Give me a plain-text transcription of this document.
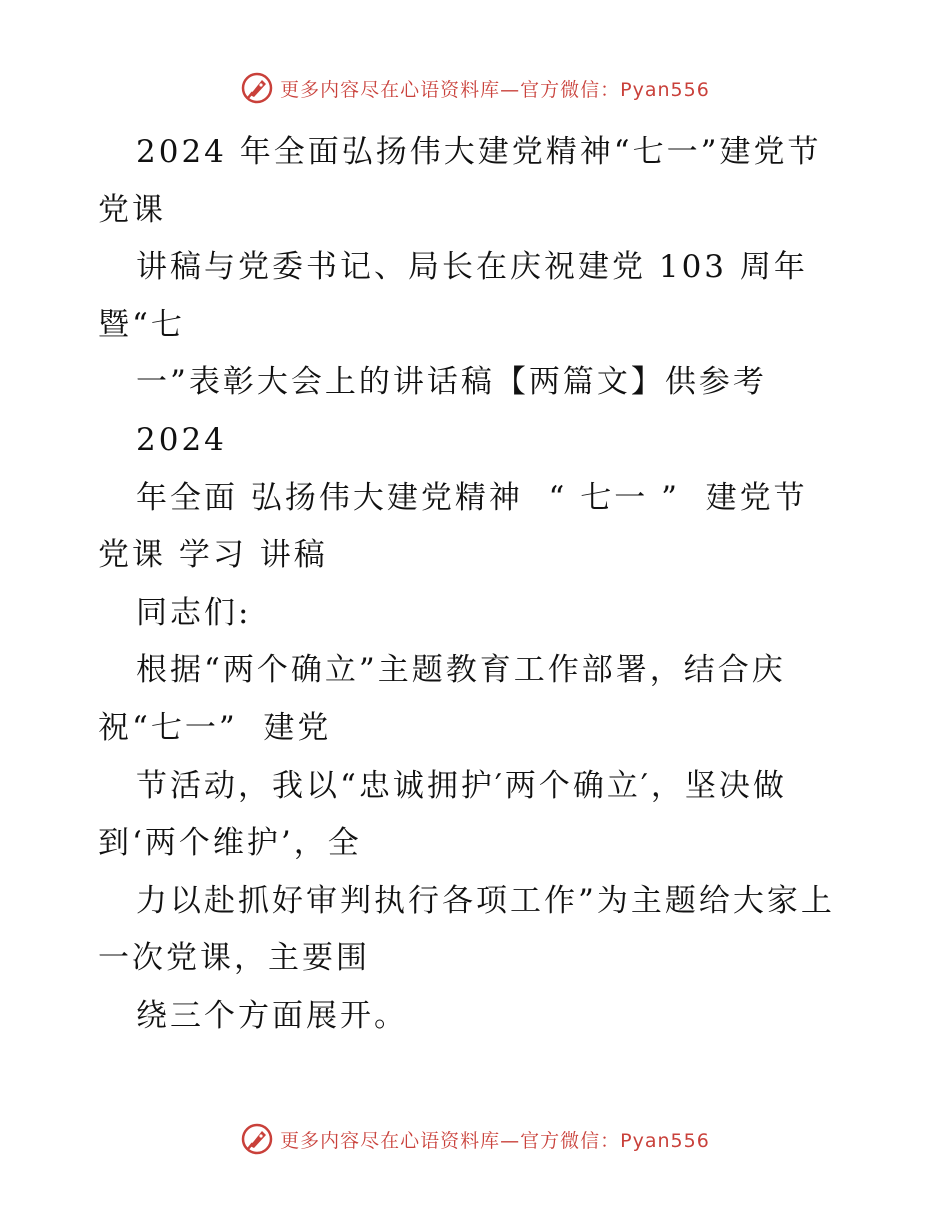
更多内容尽在心语资料库—官方微信：Pyan556
2024 年全面弘扬伟大建党精神“七一”建党节
党课
讲稿与党委书记、局长在庆祝建党 103 周年
暨“七
一”表彰大会上的讲话稿【两篇文】供参考
2024
年全面 弘扬伟大建党精神  “ 七一 ”  建党节
党课 学习 讲稿
同志们:
根据“两个确立”主题教育工作部署，结合庆
祝“七一”  建党
节活动，我以“忠诚拥护′两个确立′，坚决做
到‘两个维护’，全
力以赴抓好审判执行各项工作”为主题给大家上
一次党课，主要围
绕三个方面展开。
更多内容尽在心语资料库—官方微信：Pyan556
